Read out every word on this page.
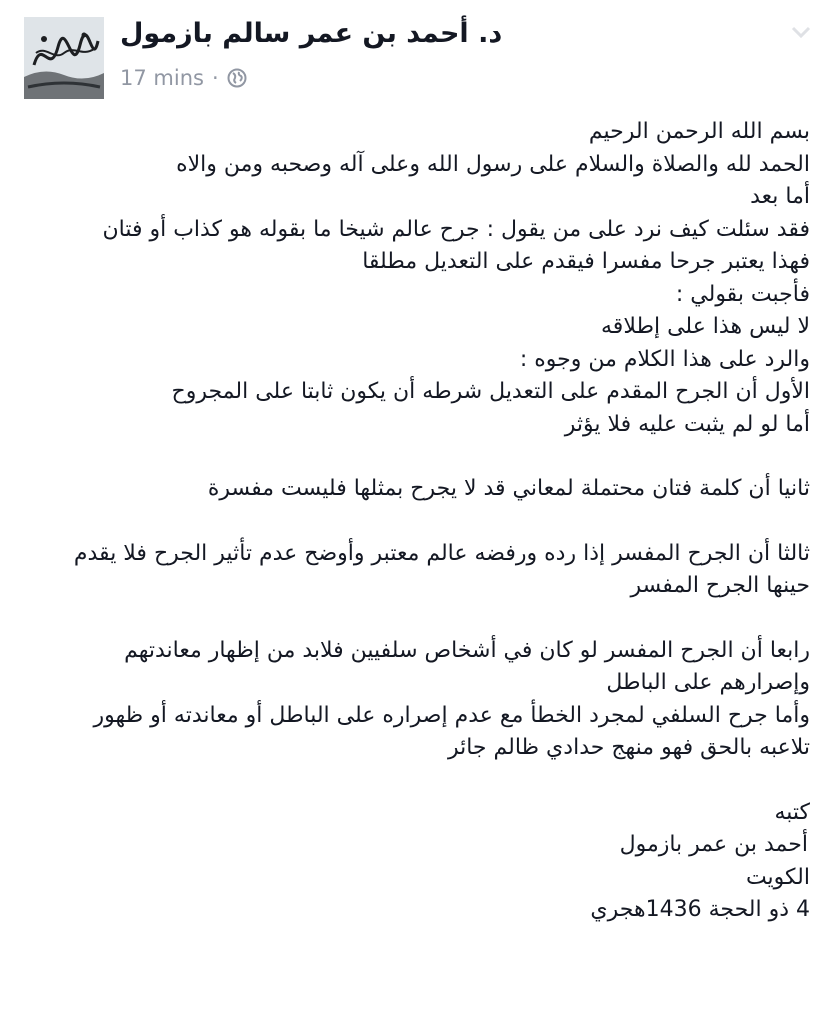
د. أحمد بن عمر سالم بازمول
17 mins ·

بسم الله الرحمن الرحيم

الحمد لله والصلاة والسلام على رسول الله وعلى آله وصحبه ومن والاه

أما بعد

فقد سئلت كيف نرد على من يقول : جرح عالم شيخا ما بقوله هو كذاب أو فتان

فهذا يعتبر جرحا مفسرا فيقدم على التعديل مطلقا

فأجبت بقولي :

لا ليس هذا على إطلاقه

والرد على هذا الكلام من وجوه :

الأول أن الجرح المقدم على التعديل شرطه أن يكون ثابتا على المجروح

أما لو لم يثبت عليه فلا يؤثر

ثانيا أن كلمة فتان محتملة لمعاني قد لا يجرح بمثلها فليست مفسرة

ثالثا أن الجرح المفسر إذا رده ورفضه عالم معتبر وأوضح عدم تأثير الجرح فلا يقدم

حينها الجرح المفسر

رابعا أن الجرح المفسر لو كان في أشخاص سلفيين فلابد من إظهار معاندتهم

وإصرارهم على الباطل

وأما جرح السلفي لمجرد الخطأ مع عدم إصراره على الباطل أو معاندته أو ظهور

تلاعبه بالحق فهو منهج حدادي ظالم جائر

كتبه

أحمد بن عمر بازمول

الكويت

4 ذو الحجة 1436هجري
